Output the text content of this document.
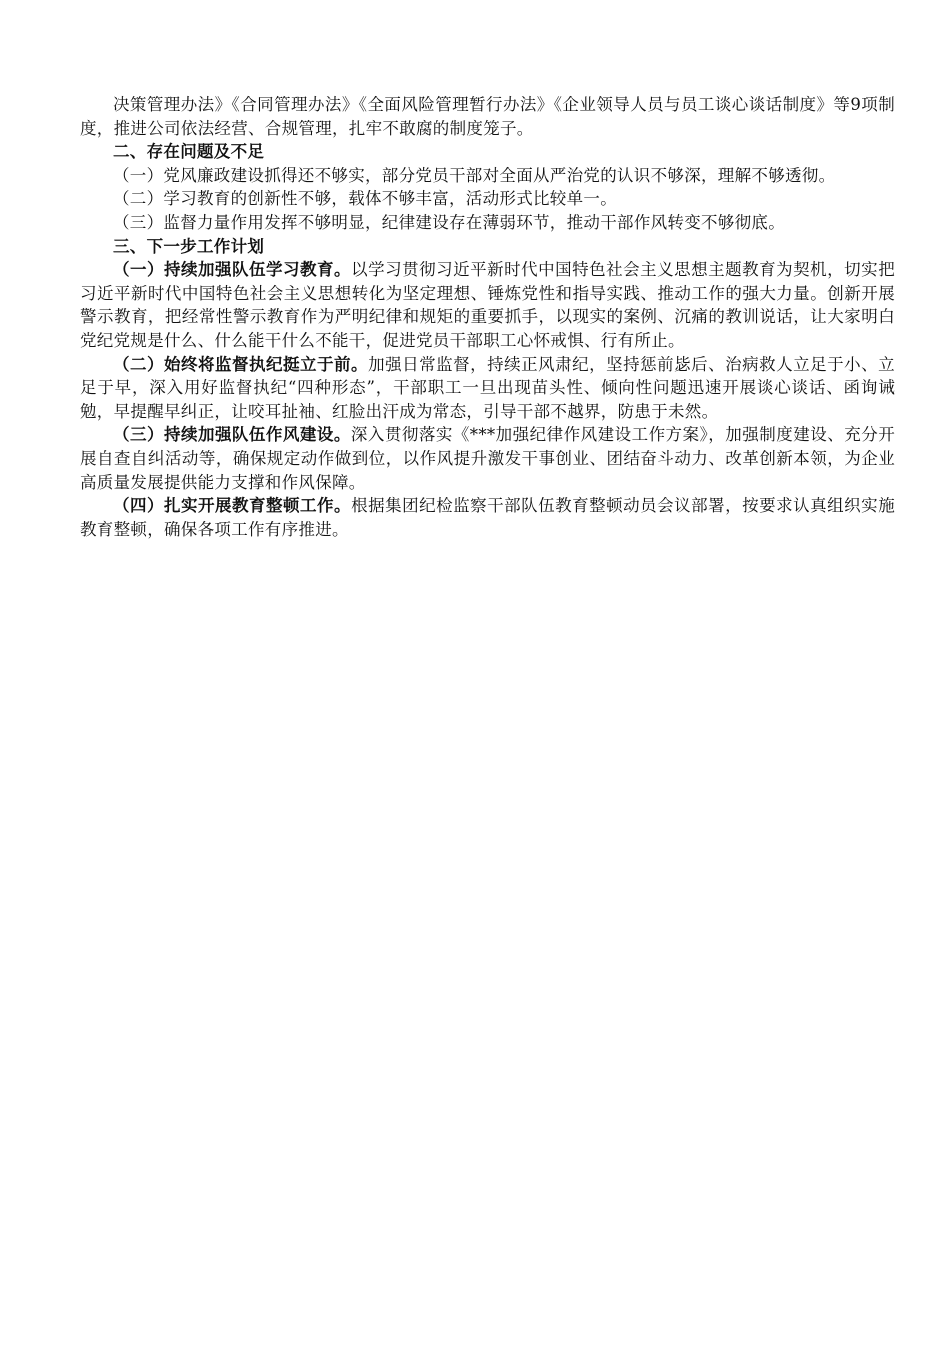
决策管理办法》《合同管理办法》《全面风险管理暂行办法》《企业领导人员与员工谈心谈话制度》等9项制度，推进公司依法经营、合规管理，扎牢不敢腐的制度笼子。

二、存在问题及不足

（一）党风廉政建设抓得还不够实，部分党员干部对全面从严治党的认识不够深，理解不够透彻。

（二）学习教育的创新性不够，载体不够丰富，活动形式比较单一。

（三）监督力量作用发挥不够明显，纪律建设存在薄弱环节，推动干部作风转变不够彻底。

三、下一步工作计划

（一）持续加强队伍学习教育。以学习贯彻习近平新时代中国特色社会主义思想主题教育为契机，切实把习近平新时代中国特色社会主义思想转化为坚定理想、锤炼党性和指导实践、推动工作的强大力量。创新开展警示教育，把经常性警示教育作为严明纪律和规矩的重要抓手，以现实的案例、沉痛的教训说话，让大家明白党纪党规是什么、什么能干什么不能干，促进党员干部职工心怀戒惧、行有所止。

（二）始终将监督执纪挺立于前。加强日常监督，持续正风肃纪，坚持惩前毖后、治病救人立足于小、立足于早，深入用好监督执纪“四种形态”，干部职工一旦出现苗头性、倾向性问题迅速开展谈心谈话、函询诫勉，早提醒早纠正，让咬耳扯袖、红脸出汗成为常态，引导干部不越界，防患于未然。

（三）持续加强队伍作风建设。深入贯彻落实《***加强纪律作风建设工作方案》，加强制度建设、充分开展自查自纠活动等，确保规定动作做到位，以作风提升激发干事创业、团结奋斗动力、改革创新本领，为企业高质量发展提供能力支撑和作风保障。

（四）扎实开展教育整顿工作。根据集团纪检监察干部队伍教育整顿动员会议部署，按要求认真组织实施教育整顿，确保各项工作有序推进。
